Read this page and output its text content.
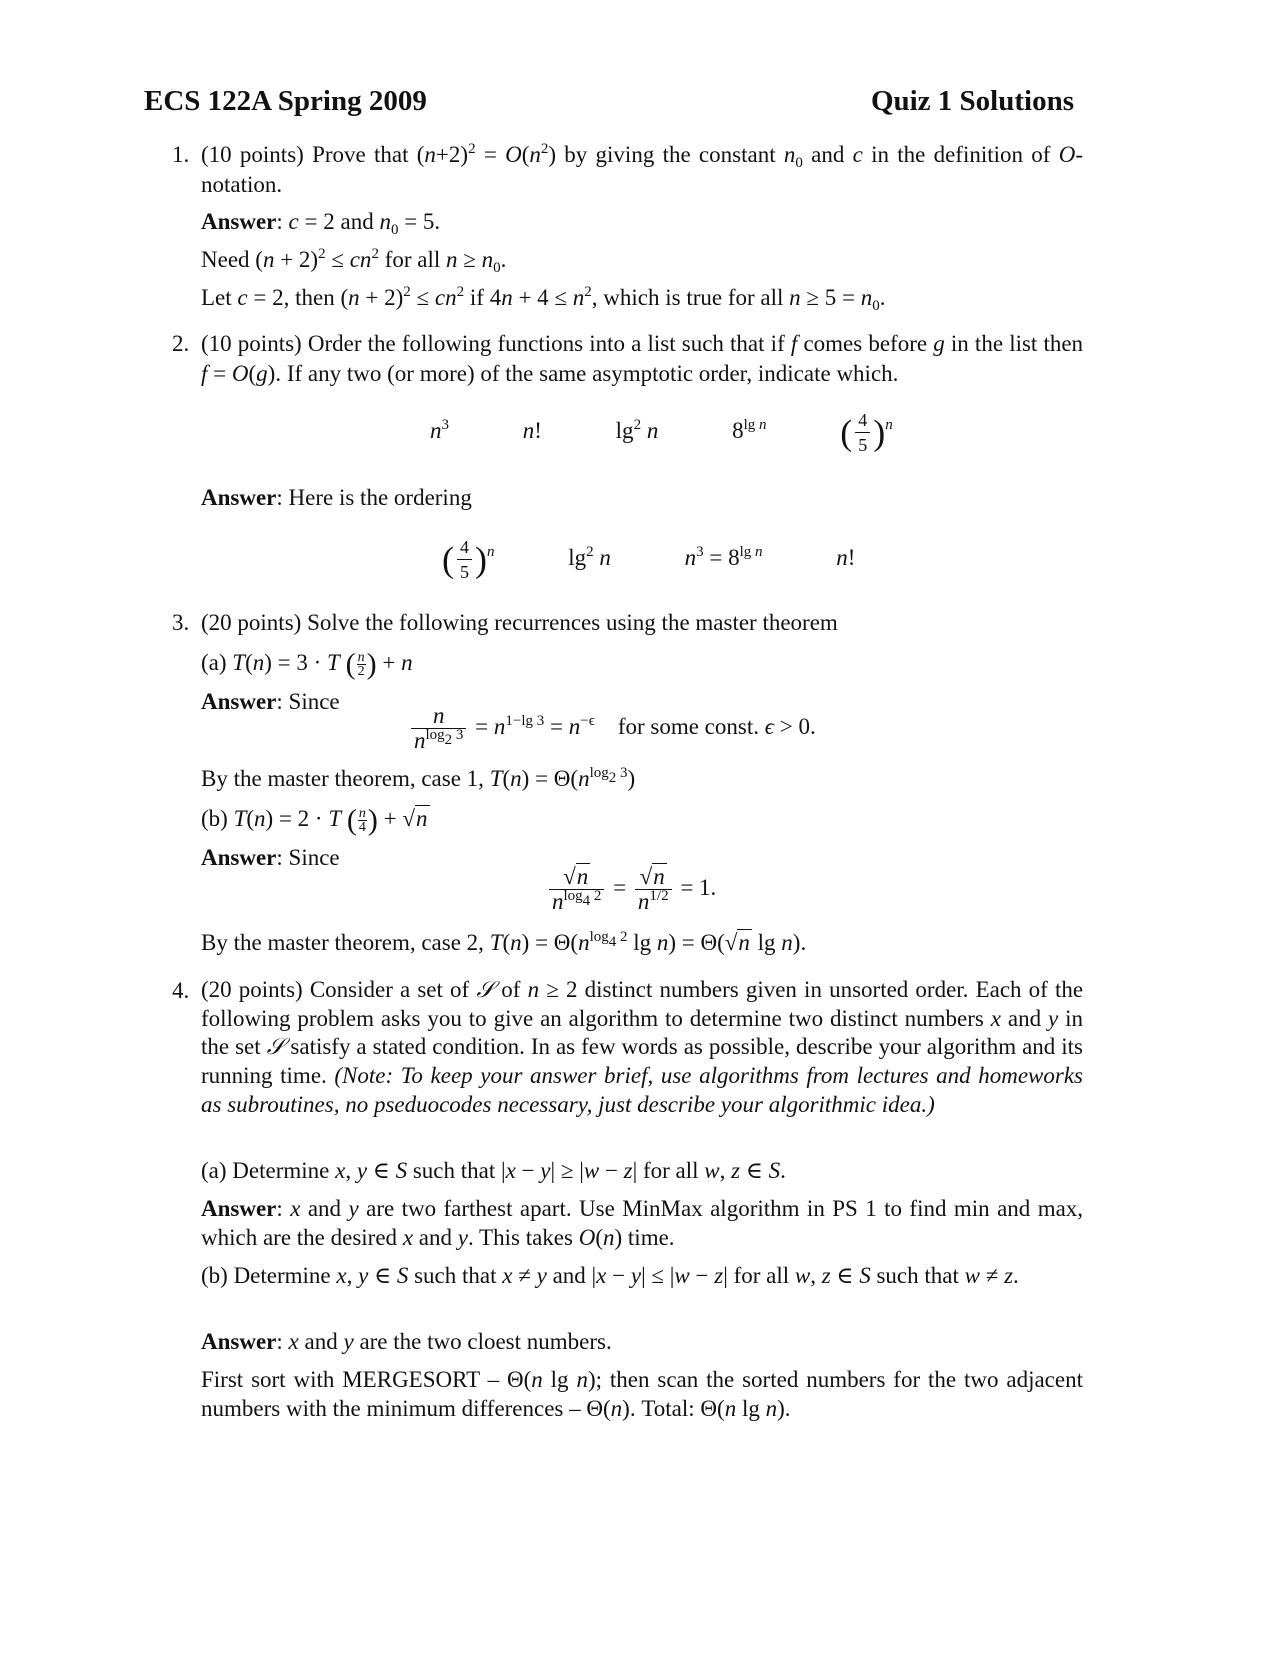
ECS 122A Spring 2009	Quiz 1 Solutions
1. (10 points) Prove that $(n+2)^2 = O(n^2)$ by giving the constant $n_0$ and c in the definition of O-notation.
Answer: c = 2 and $n_0 = 5$.
Need $(n + 2)^2 \le cn^2$ for all $n \ge n_0$.
Let c = 2, then $(n + 2)^2 \le cn^2$ if $4n + 4 \le n^2$, which is true for all $n \ge 5 = n_0$.
2. (10 points) Order the following functions into a list such that if f comes before g in the list then f = O(g). If any two (or more) of the same asymptotic order, indicate which.
$n^3$	n!	$\lg^2 n$	$8^{lg n}$ ( $\frac{4}{5} )^n$
Answer: Here is the ordering
( $\frac{4}{5} )^n$	$\lg^2 n$	$n^3 = 8^{lg n}$	n!
3. (20 points) Solve the following recurrences using the master theorem
(a) T(n) = 3 · T ( $\frac{n}{2}$ ) + n
Answer: Since
$\frac{n}{n^{log_2 3}} = n^{1-lg 3} = n^{-\epsilon}$ for some const. ϵ > 0.
By the master theorem, case 1, $T(n) = \Theta(n^{log_2 3})$
(b) T(n) = 2 · T ( $\frac{n}{4}$ ) + √n
Answer: Since
$\frac{√n}{n^{log_4 2}} = \frac{√n}{n^{1/2}} = 1$.
By the master theorem, case 2, $T(n) = \Theta(n^{log_4 2}$ lg n) = Θ(√n lg n).
4. (20 points) Consider a set of 𝒮 of n ≥ 2 distinct numbers given in unsorted order. Each of the following problem asks you to give an algorithm to determine two distinct numbers x and y in the set 𝒮 satisfy a stated condition. In as few words as possible, describe your algorithm and its running time. (Note: To keep your answer brief, use algorithms from lectures and homeworks as subroutines, no pseduocodes necessary, just describe your algorithmic idea.)
(a) Determine x, y ∈ S such that |x − y| ≥ |w − z| for all w, z ∈ S.
Answer: x and y are two farthest apart. Use MinMax algorithm in PS 1 to find min and max, which are the desired x and y. This takes O(n) time.
(b) Determine x, y ∈ S such that x ≠ y and |x − y| ≤ |w − z| for all w, z ∈ S such that w ≠ z.
Answer: x and y are the two cloest numbers.
First sort with MERGESORT – Θ(n lg n); then scan the sorted numbers for the two adjacent numbers with the minimum differences – Θ(n). Total: Θ(n lg n).
